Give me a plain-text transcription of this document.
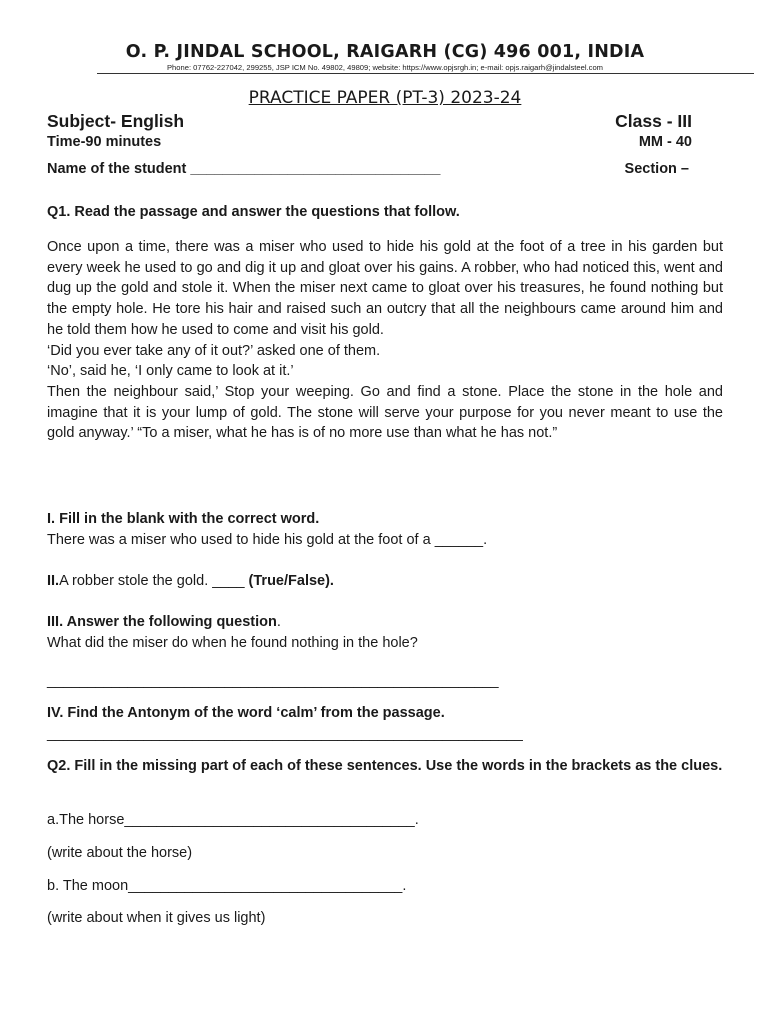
O. P. JINDAL SCHOOL, RAIGARH (CG) 496 001, INDIA
Phone: 07762-227042, 299255, JSP ICM No. 49802, 49809; website: https://www.opjsrgh.in; e-mail: opjs.raigarh@jindalsteel.com
PRACTICE PAPER (PT-3) 2023-24
Subject- English	Class - III
Time-90 minutes	MM - 40
Name of the student _______________________________	Section –
Q1. Read the passage and answer the questions that follow.

Once upon a time, there was a miser who used to hide his gold at the foot of a tree in his garden but every week he used to go and dig it up and gloat over his gains. A robber, who had noticed this, went and dug up the gold and stole it. When the miser next came to gloat over his treasures, he found nothing but the empty hole. He tore his hair and raised such an outcry that all the neighbours came around him and he told them how he used to come and visit his gold.

‘Did you ever take any of it out?’ asked one of them.

‘No’, said he, ‘I only came to look at it.’

Then the neighbour said,’ Stop your weeping. Go and find a stone. Place the stone in the hole and imagine that it is your lump of gold. The stone will serve your purpose for you never meant to use the gold anyway.’ “To a miser, what he has is of no more use than what he has not.”

I. Fill in the blank with the correct word.
There was a miser who used to hide his gold at the foot of a ______.
II.A robber stole the gold. ____ (True/False).
III. Answer the following question.
What did the miser do when he found nothing in the hole?
________________________________________________________
IV. Find the Antonym of the word ‘calm’ from the passage.
___________________________________________________________
Q2. Fill in the missing part of each of these sentences. Use the words in the brackets as the clues.
a.The horse____________________________________.
(write about the horse)
b. The moon__________________________________.
(write about when it gives us light)
